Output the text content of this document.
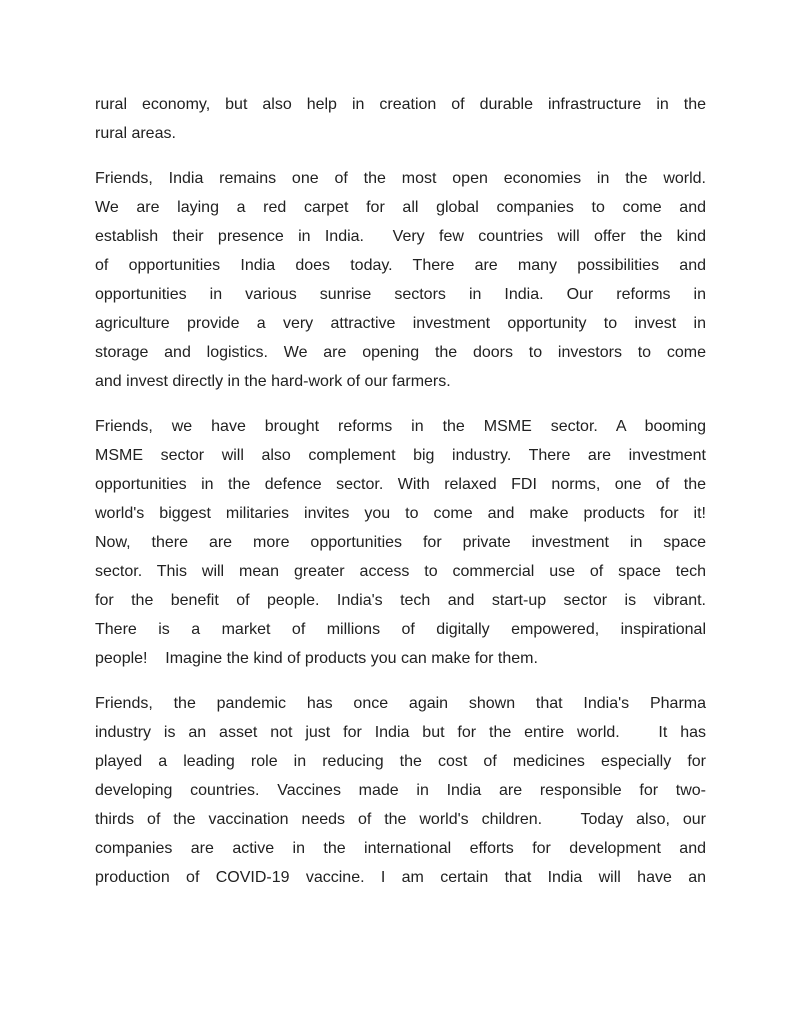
rural economy, but also help in creation of durable infrastructure in the
rural areas.
Friends, India remains one of the most open economies in the world.
We are laying a red carpet for all global companies to come and
establish their presence in India.  Very few countries will offer the kind
of opportunities India does today. There are many possibilities and
opportunities in various sunrise sectors in India. Our reforms in
agriculture provide a very attractive investment opportunity to invest in
storage and logistics. We are opening the doors to investors to come
and invest directly in the hard-work of our farmers.
Friends, we have brought reforms in the MSME sector. A booming
MSME sector will also complement big industry. There are investment
opportunities in the defence sector. With relaxed FDI norms, one of the
world's biggest militaries invites you to come and make products for it!
Now, there are more opportunities for private investment in space
sector. This will mean greater access to commercial use of space tech
for the benefit of people. India's tech and start-up sector is vibrant.
There is a market of millions of digitally empowered, inspirational
people!    Imagine the kind of products you can make for them.
Friends, the pandemic has once again shown that India's Pharma
industry is an asset not just for India but for the entire world.   It has
played a leading role in reducing the cost of medicines especially for
developing countries. Vaccines made in India are responsible for two-
thirds of the vaccination needs of the world's children.   Today also, our
companies are active in the international efforts for development and
production of COVID-19 vaccine. I am certain that India will have an
